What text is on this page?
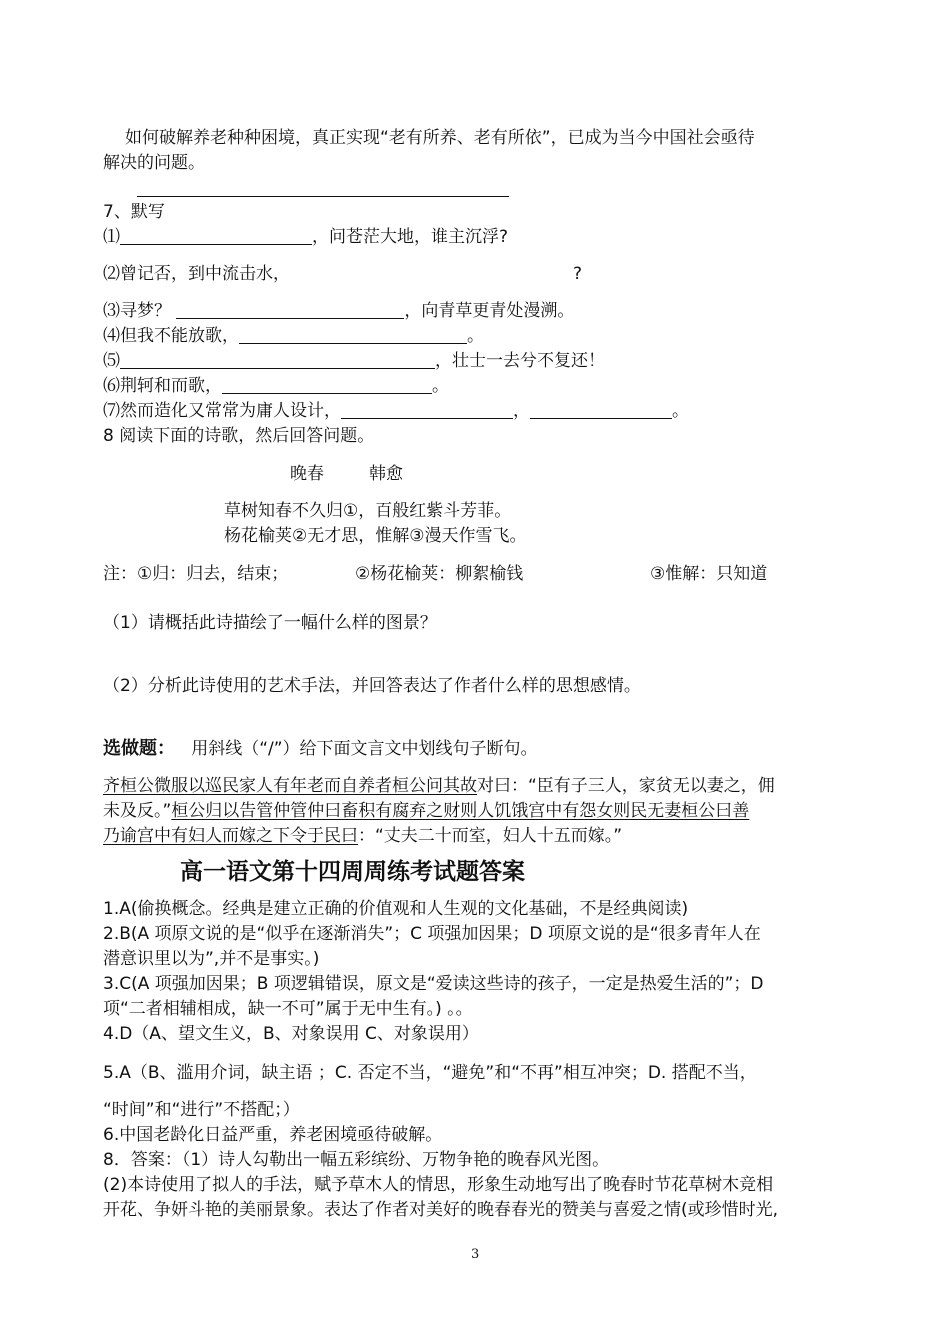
如何破解养老种种困境，真正实现“老有所养、老有所依”，已成为当今中国社会亟待
解决的问题。
7、默写
⑴	，问苍茫大地，谁主沉浮?
⑵曾记否，到中流击水，	?
⑶寻梦？	，向青草更青处漫溯。
⑷但我不能放歌，	。
⑸	，壮士一去兮不复还！
⑹荆轲和而歌，	。
⑺然而造化又常常为庸人设计，	，	。
8 阅读下面的诗歌，然后回答问题。
晚春	韩愈
草树知春不久归①，百般红紫斗芳菲。
杨花榆荚②无才思，惟解③漫天作雪飞。
注：①归：归去，结束；	②杨花榆荚：柳絮榆钱	③惟解：只知道
（1）请概括此诗描绘了一幅什么样的图景？
（2）分析此诗使用的艺术手法，并回答表达了作者什么样的思想感情。
选做题： 用斜线（“/”）给下面文言文中划线句子断句。
齐桓公微服以巡民家人有年老而自养者桓公问其故对曰：“臣有子三人，家贫无以妻之，佣
未及反。”桓公归以告管仲管仲曰畜积有腐弃之财则人饥饿宫中有怨女则民无妻桓公曰善
乃谕宫中有妇人而嫁之下令于民曰：“丈夫二十而室，妇人十五而嫁。”
高一语文第十四周周练考试题答案
1.A(偷换概念。经典是建立正确的价值观和人生观的文化基础，不是经典阅读)
2.B(A 项原文说的是“似乎在逐渐消失”；C 项强加因果；D 项原文说的是“很多青年人在
潜意识里以为”,并不是事实。)
3.C(A 项强加因果；B 项逻辑错误，原文是“爱读这些诗的孩子，一定是热爱生活的”；D
项“二者相辅相成，缺一不可”属于无中生有。) 。。
4.D（A、望文生义，B、对象误用 C、对象误用）
5.A（B、滥用介词，缺主语 ；C. 否定不当，“避免”和“不再”相互冲突；D. 搭配不当，
“时间”和“进行”不搭配；）
6.中国老龄化日益严重，养老困境亟待破解。
8．答案：（1）诗人勾勒出一幅五彩缤纷、万物争艳的晚春风光图。
(2)本诗使用了拟人的手法，赋予草木人的情思，形象生动地写出了晚春时节花草树木竞相
开花、争妍斗艳的美丽景象。表达了作者对美好的晚春春光的赞美与喜爱之情(或珍惜时光,
3
